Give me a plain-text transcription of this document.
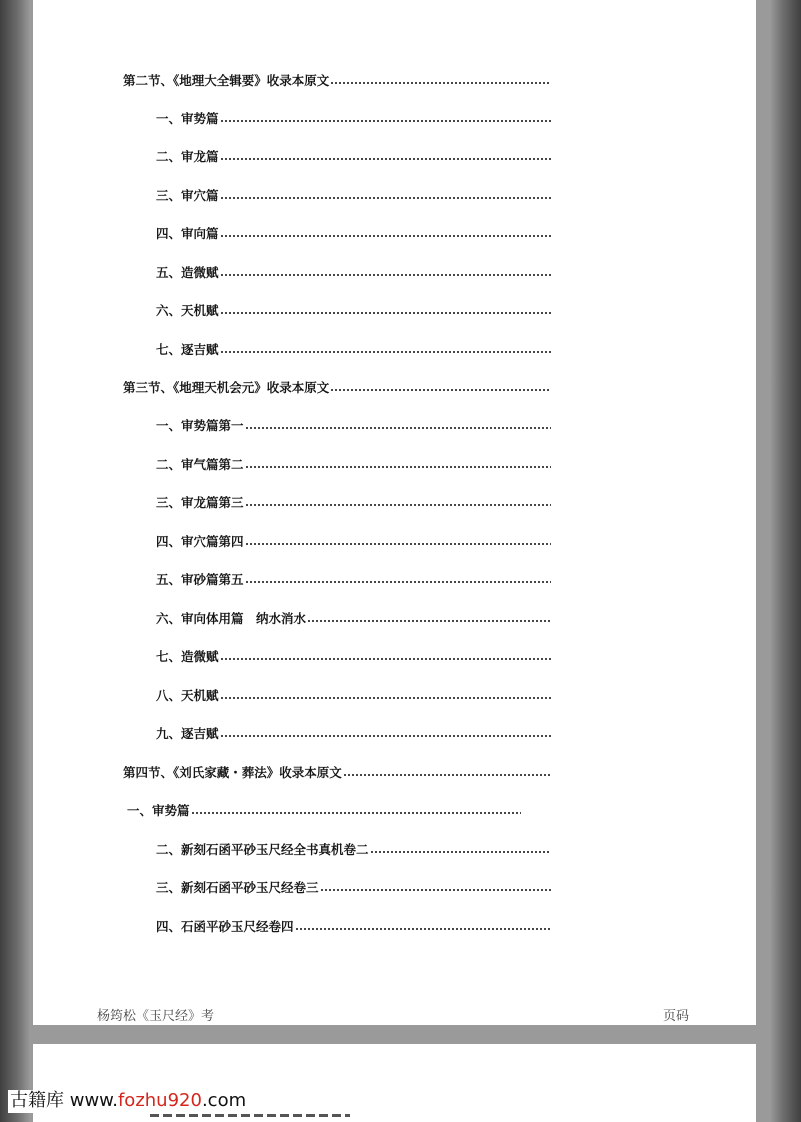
第二节、《地理大全辑要》收录本原文
一、审势篇
二、审龙篇
三、审穴篇
四、审向篇
五、造微赋
六、天机赋
七、逐吉赋
第三节、《地理天机会元》收录本原文
一、审势篇第一
二、审气篇第二
三、审龙篇第三
四、审穴篇第四
五、审砂篇第五
六、审向体用篇　纳水消水
七、造微赋
八、天机赋
九、逐吉赋
第四节、《刘氏家藏・葬法》收录本原文
一、审势篇
二、新刻石函平砂玉尺经全书真机卷二
三、新刻石函平砂玉尺经卷三
四、石函平砂玉尺经卷四
杨筠松《玉尺经》考	页码
古籍库 www.fozhu920.com
